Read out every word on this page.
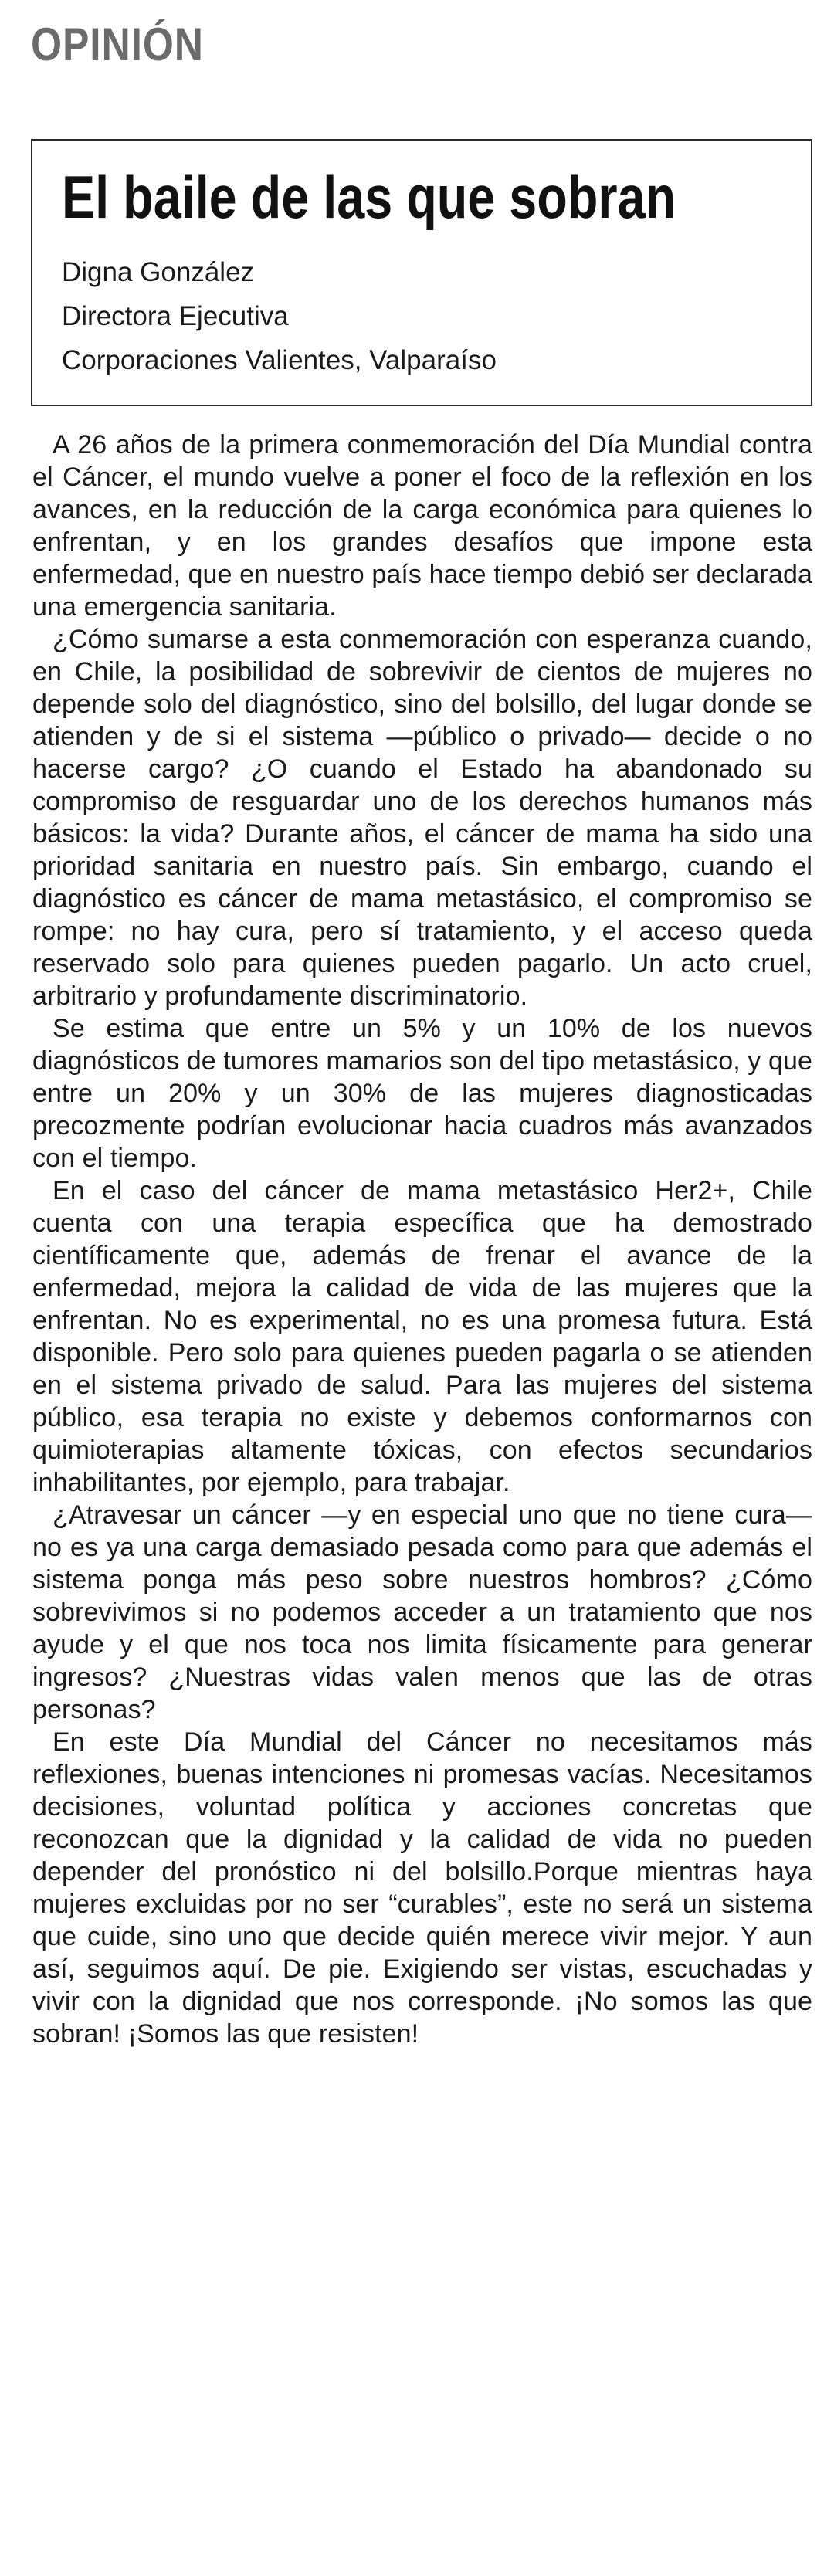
OPINIÓN
El baile de las que sobran
Digna González
Directora Ejecutiva
Corporaciones Valientes, Valparaíso

A 26 años de la primera conmemoración del Día Mundial contra el Cáncer, el mundo vuelve a poner el foco de la reflexión en los avances, en la reducción de la carga económica para quienes lo enfrentan, y en los grandes desafíos que impone esta enfermedad, que en nuestro país hace tiempo debió ser declarada una emergencia sanitaria.

¿Cómo sumarse a esta conmemoración con esperanza cuando, en Chile, la posibilidad de sobrevivir de cientos de mujeres no depende solo del diagnóstico, sino del bolsillo, del lugar donde se atienden y de si el sistema —público o privado— decide o no hacerse cargo? ¿O cuando el Estado ha abandonado su compromiso de resguardar uno de los derechos humanos más básicos: la vida? Durante años, el cáncer de mama ha sido una prioridad sanitaria en nuestro país. Sin embargo, cuando el diagnóstico es cáncer de mama metastásico, el compromiso se rompe: no hay cura, pero sí tratamiento, y el acceso queda reservado solo para quienes pueden pagarlo. Un acto cruel, arbitrario y profundamente discriminatorio.

Se estima que entre un 5% y un 10% de los nuevos diagnósticos de tumores mamarios son del tipo metastásico, y que entre un 20% y un 30% de las mujeres diagnosticadas precozmente podrían evolucionar hacia cuadros más avanzados con el tiempo.

En el caso del cáncer de mama metastásico Her2+, Chile cuenta con una terapia específica que ha demostrado científicamente que, además de frenar el avance de la enfermedad, mejora la calidad de vida de las mujeres que la enfrentan. No es experimental, no es una promesa futura. Está disponible. Pero solo para quienes pueden pagarla o se atienden en el sistema privado de salud. Para las mujeres del sistema público, esa terapia no existe y debemos conformarnos con quimioterapias altamente tóxicas, con efectos secundarios inhabilitantes, por ejemplo, para trabajar.

¿Atravesar un cáncer —y en especial uno que no tiene cura— no es ya una carga demasiado pesada como para que además el sistema ponga más peso sobre nuestros hombros? ¿Cómo sobrevivimos si no podemos acceder a un tratamiento que nos ayude y el que nos toca nos limita físicamente para generar ingresos? ¿Nuestras vidas valen menos que las de otras personas?

En este Día Mundial del Cáncer no necesitamos más reflexiones, buenas intenciones ni promesas vacías. Necesitamos decisiones, voluntad política y acciones concretas que reconozcan que la dignidad y la calidad de vida no pueden depender del pronóstico ni del bolsillo.Porque mientras haya mujeres excluidas por no ser “curables”, este no será un sistema que cuide, sino uno que decide quién merece vivir mejor. Y aun así, seguimos aquí. De pie. Exigiendo ser vistas, escuchadas y vivir con la dignidad que nos corresponde. ¡No somos las que sobran! ¡Somos las que resisten!
